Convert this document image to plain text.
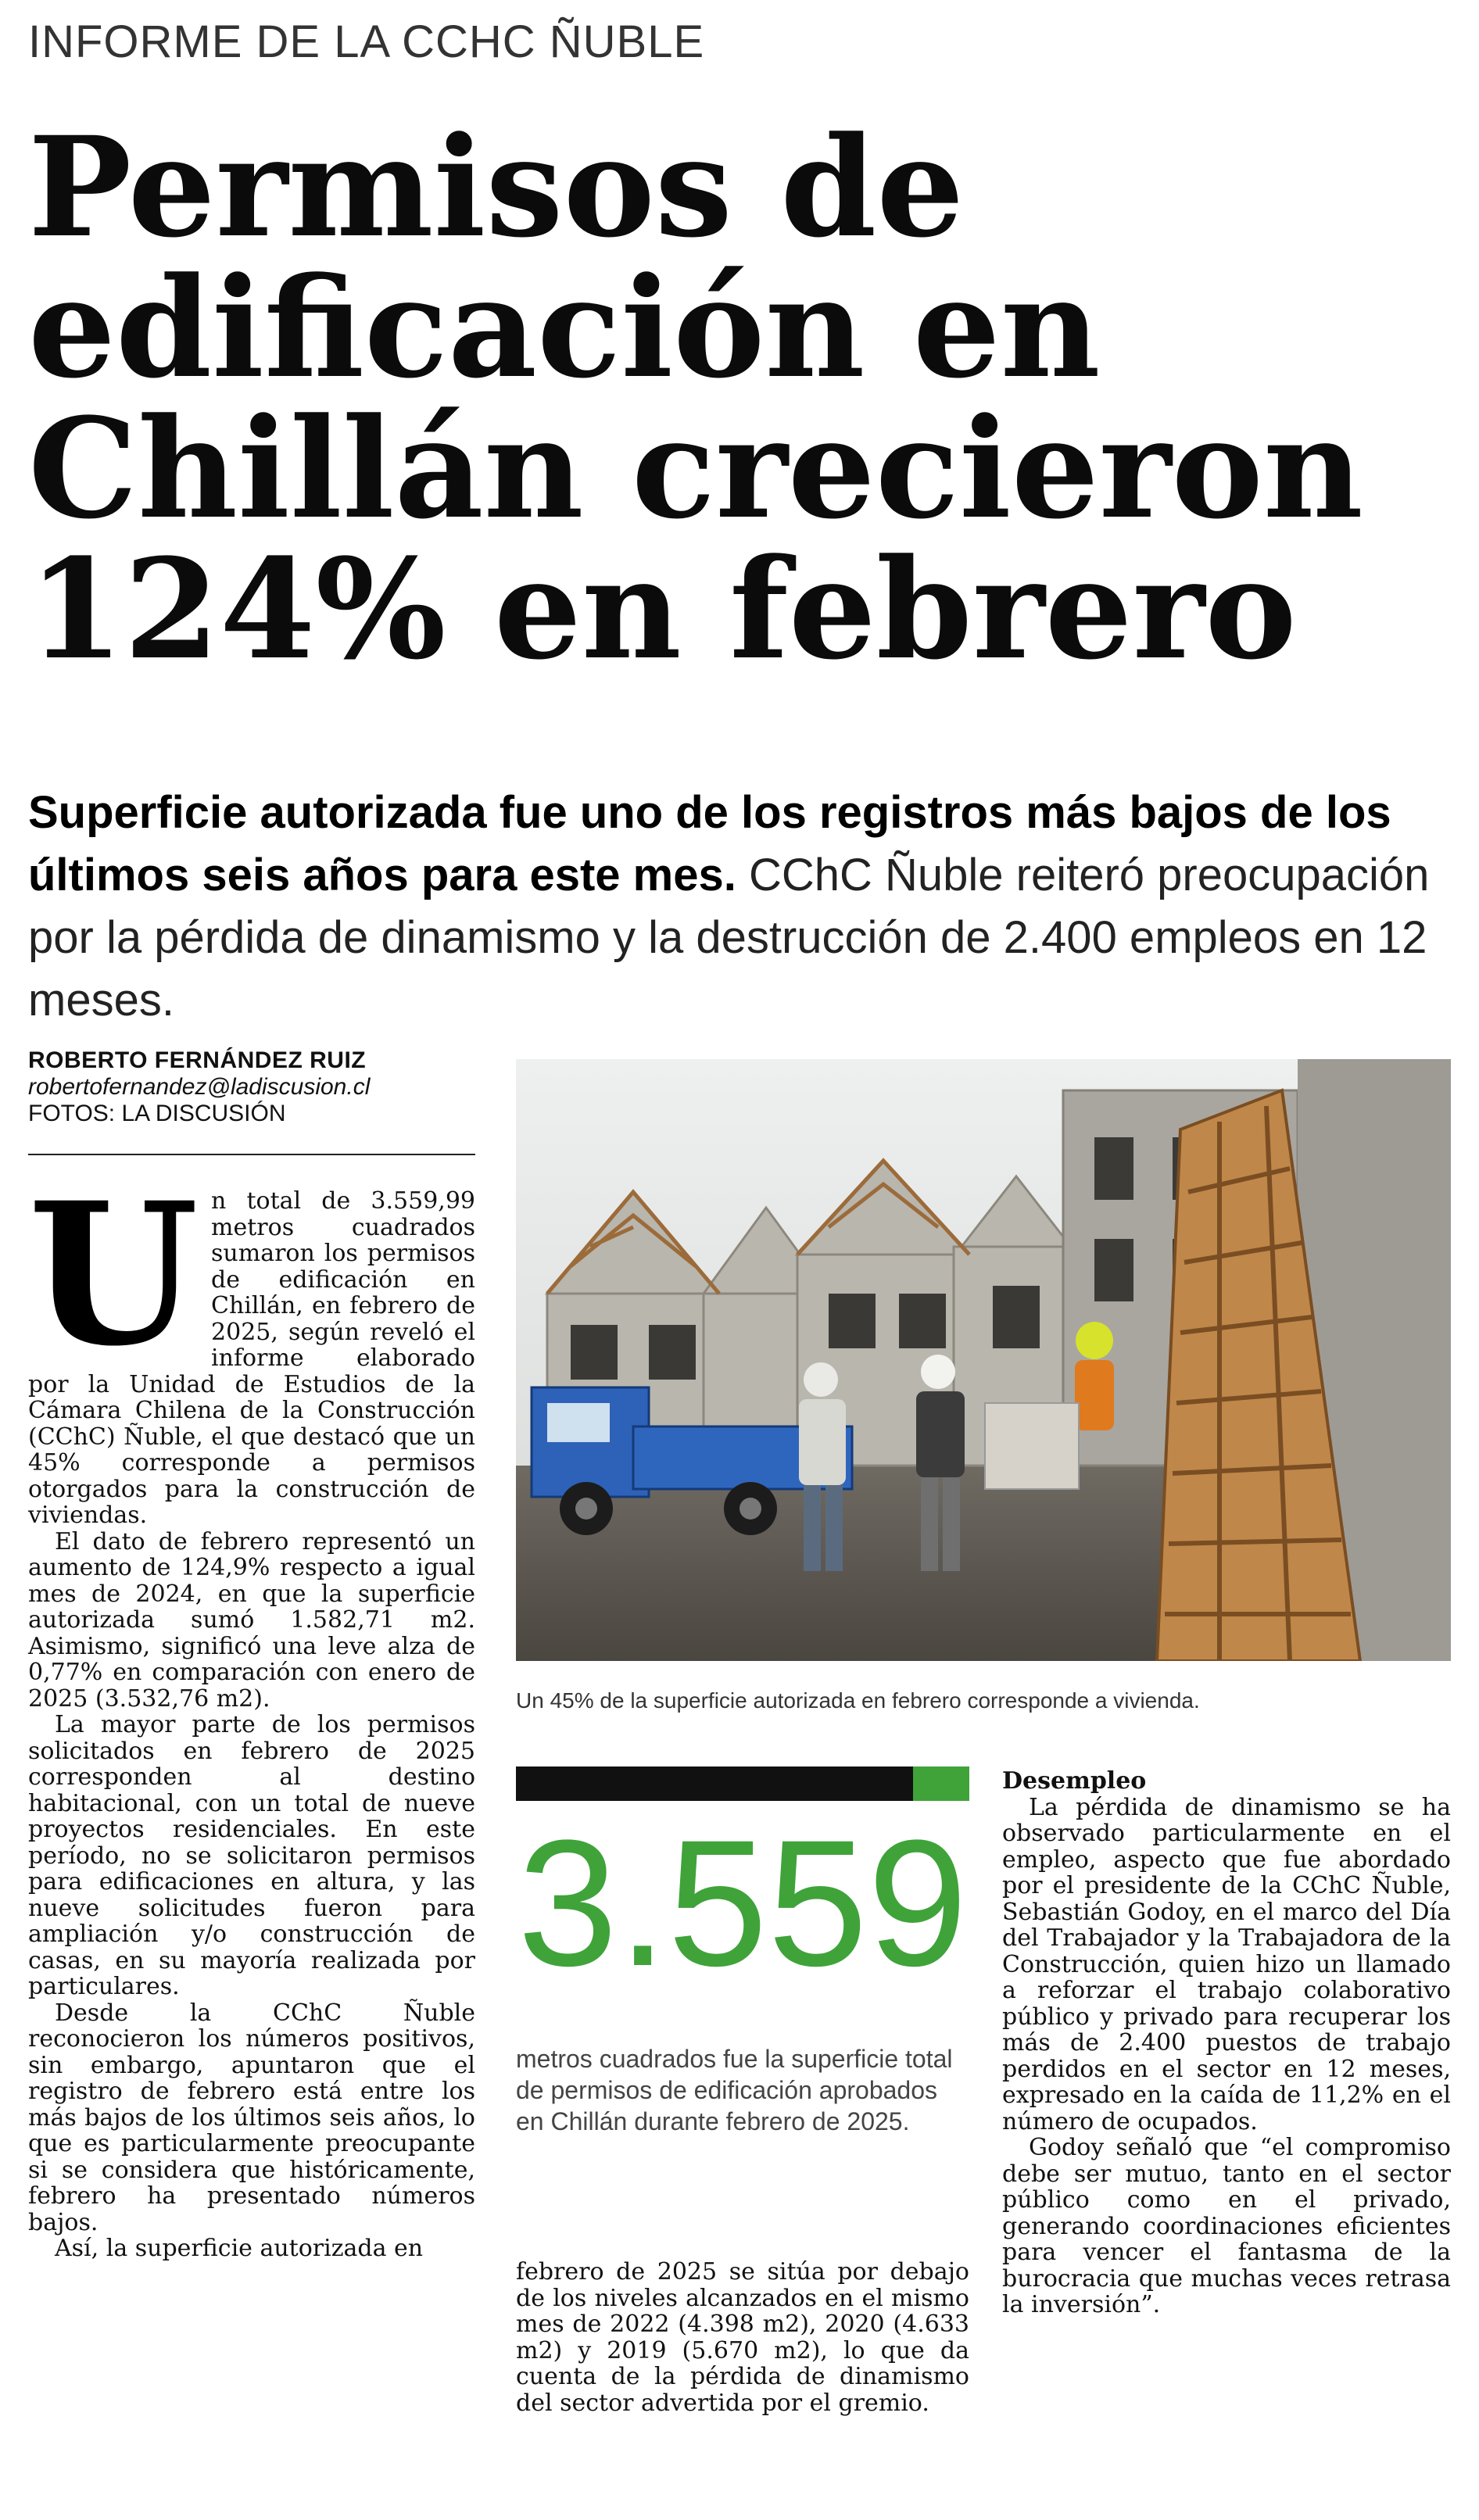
INFORME DE LA CCHC ÑUBLE
Permisos de
edificación en
Chillán crecieron
124% en febrero
Superficie autorizada fue uno de los registros más bajos de los últimos seis años para este mes. CChC Ñuble reiteró preocupación por la pérdida de dinamismo y la destrucción de 2.400 empleos en 12 meses.
ROBERTO FERNÁNDEZ RUIZ
robertofernandez@ladiscusion.cl
FOTOS: LA DISCUSIÓN
U n total de 3.559,99 metros cuadrados sumaron los permisos de edificación en Chillán, en febrero de 2025, según reveló el informe elaborado por la Unidad de Estudios de la Cámara Chilena de la Construcción (CChC) Ñuble, el que destacó que un 45% corresponde a permisos otorgados para la construcción de viviendas.

El dato de febrero representó un aumento de 124,9% respecto a igual mes de 2024, en que la superficie autorizada sumó 1.582,71 m2. Asimismo, significó una leve alza de 0,77% en comparación con enero de 2025 (3.532,76 m2).

La mayor parte de los permisos solicitados en febrero de 2025 corresponden al destino habitacional, con un total de nueve proyectos residenciales. En este período, no se solicitaron permisos para edificaciones en altura, y las nueve solicitudes fueron para ampliación y/o construcción de casas, en su mayoría realizada por particulares.

Desde la CChC Ñuble reconocieron los números positivos, sin embargo, apuntaron que el registro de febrero está entre los más bajos de los últimos seis años, lo que es particularmente preocupante si se considera que históricamente, febrero ha presentado números bajos.

Así, la superficie autorizada en

Un 45% de la superficie autorizada en febrero corresponde a vivienda.
3.559
metros cuadrados fue la superficie total de permisos de edificación aprobados en Chillán durante febrero de 2025.

febrero de 2025 se sitúa por debajo de los niveles alcanzados en el mismo mes de 2022 (4.398 m2), 2020 (4.633 m2) y 2019 (5.670 m2), lo que da cuenta de la pérdida de dinamismo del sector advertida por el gremio.

Desempleo

La pérdida de dinamismo se ha observado particularmente en el empleo, aspecto que fue abordado por el presidente de la CChC Ñuble, Sebastián Godoy, en el marco del Día del Trabajador y la Trabajadora de la Construcción, quien hizo un llamado a reforzar el trabajo colaborativo público y privado para recuperar los más de 2.400 puestos de trabajo perdidos en el sector en 12 meses, expresado en la caída de 11,2% en el número de ocupados.

Godoy señaló que “el compromiso debe ser mutuo, tanto en el sector público como en el privado, generando coordinaciones eficientes para vencer el fantasma de la burocracia que muchas veces retrasa la inversión”.
